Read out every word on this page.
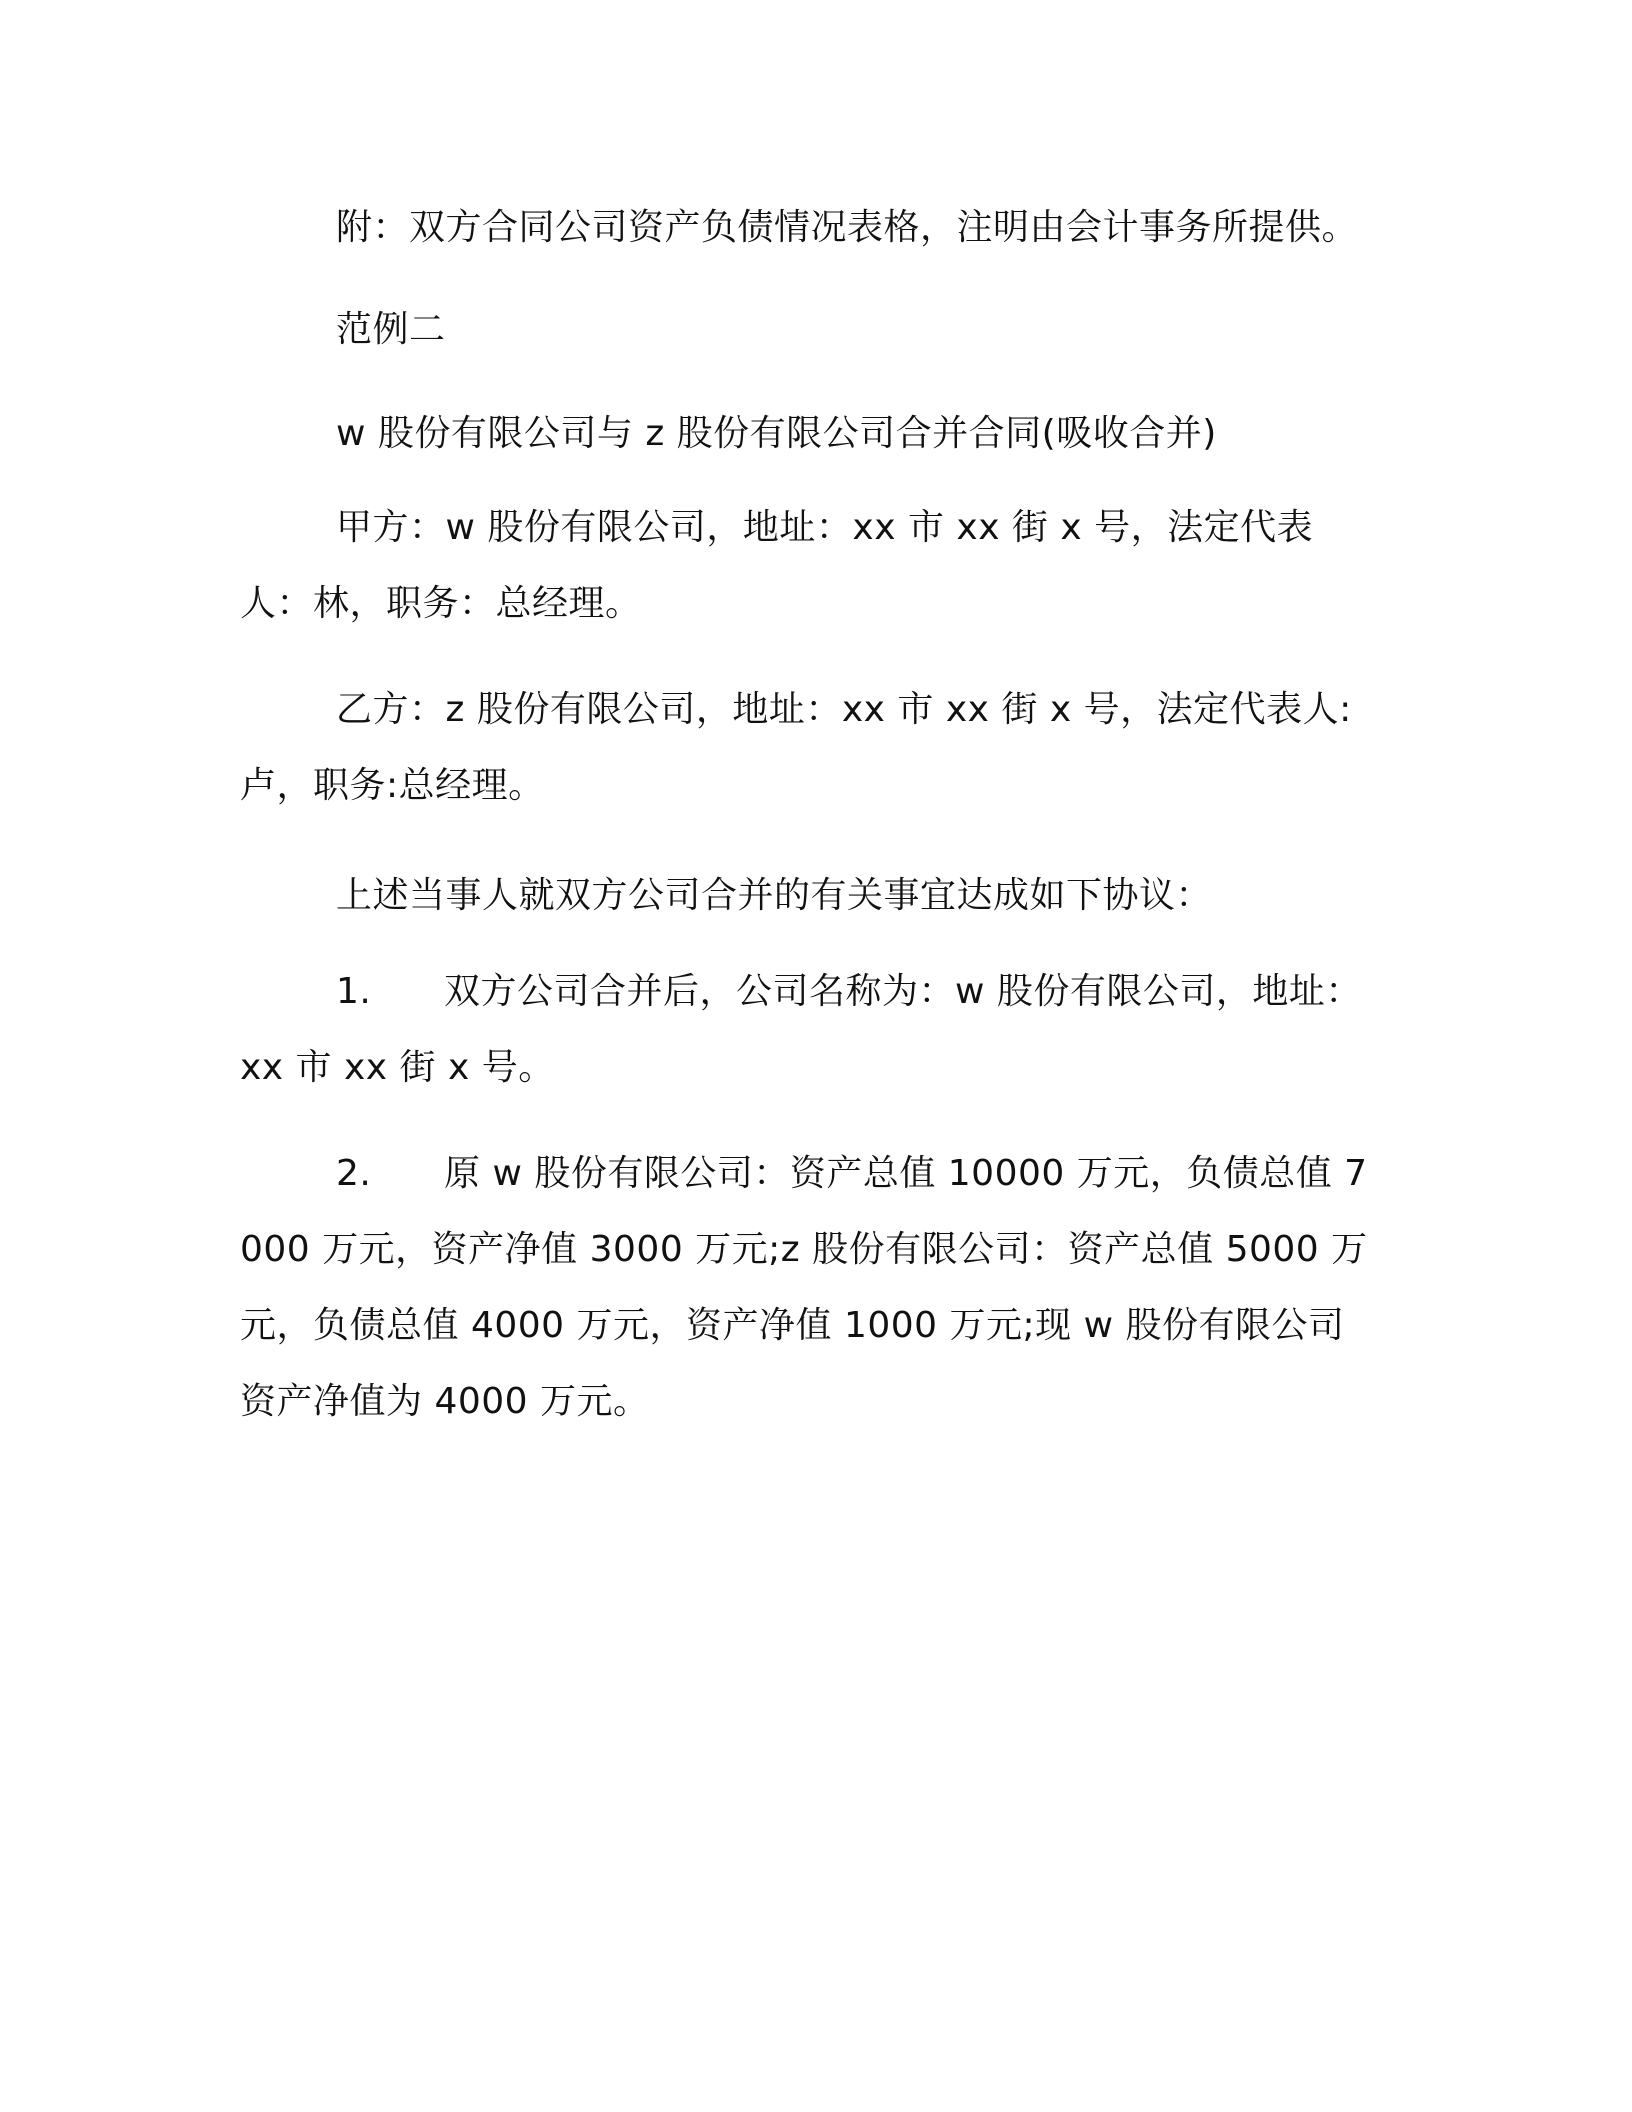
附：双方合同公司资产负债情况表格，注明由会计事务所提供。

范例二

w 股份有限公司与 z 股份有限公司合并合同(吸收合并)

甲方：w 股份有限公司，地址：xx 市 xx 街 x 号，法定代表人：林，职务：总经理。

乙方：z 股份有限公司，地址：xx 市 xx 街 x 号，法定代表人:卢，职务:总经理。

上述当事人就双方公司合并的有关事宜达成如下协议：

1. 双方公司合并后，公司名称为：w 股份有限公司，地址：xx 市 xx 街 x 号。

2. 原 w 股份有限公司：资产总值 10000 万元，负债总值 7000 万元，资产净值 3000 万元;z 股份有限公司：资产总值 5000 万元，负债总值 4000 万元，资产净值 1000 万元;现 w 股份有限公司资产净值为 4000 万元。
